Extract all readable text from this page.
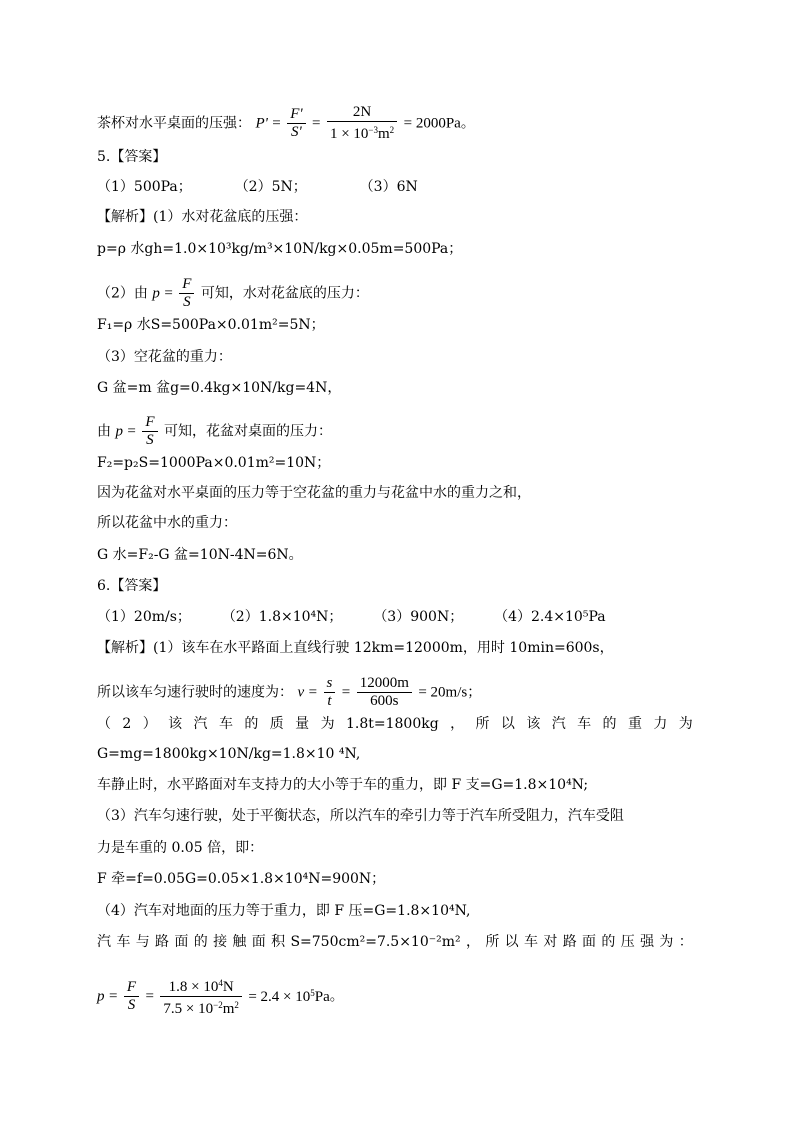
茶杯对水平桌面的压强： $P' = \frac{F'}{S'} = \frac{2N}{1 \times 10^{-3}m^2} = 2000Pa$。
5.【答案】
（1）500Pa；	（2）5N；	（3）6N
【解析】(1）水对花盆底的压强：
p=ρ 水gh=1.0×10³kg/m³×10N/kg×0.05m=500Pa；
（2）由 $p = \frac{F}{S}$ 可知，水对花盆底的压力：
F₁=ρ 水S=500Pa×0.01m²=5N；
（3）空花盆的重力：
G 盆=m 盆g=0.4kg×10N/kg=4N，
由 $p = \frac{F}{S}$ 可知，花盆对桌面的压力：
F₂=p₂S=1000Pa×0.01m²=10N；
因为花盆对水平桌面的压力等于空花盆的重力与花盆中水的重力之和，
所以花盆中水的重力：
G 水=F₂-G 盆=10N-4N=6N。
6.【答案】
（1）20m/s； （2）1.8×10⁴N； （3）900N； （4）2.4×10⁵Pa
【解析】(1）该车在水平路面上直线行驶 12km=12000m，用时 10min=600s，
所以该车匀速行驶时的速度为： $v = \frac{s}{t} = \frac{12000m}{600s} = 20m/s$；
（ 2 ） 该 汽 车 的 质 量 为 1.8t=1800kg ， 所 以 该 汽 车 的 重 力 为
G=mg=1800kg×10N/kg=1.8×10 ⁴N,
车静止时，水平路面对车支持力的大小等于车的重力，即 F 支=G=1.8×10⁴N;
（3）汽车匀速行驶，处于平衡状态，所以汽车的牵引力等于汽车所受阻力，汽车受阻
力是车重的 0.05 倍，即：
F 牵=f=0.05G=0.05×1.8×10⁴N=900N；
（4）汽车对地面的压力等于重力，即 F 压=G=1.8×10⁴N,
汽 车 与 路 面 的 接 触 面 积 S=750cm²=7.5×10⁻²m² ， 所 以 车 对 路 面 的 压 强 为 ：
$p = \frac{F}{S} = \frac{1.8 \times 10^4N}{7.5 \times 10^{-2}m^2} = 2.4 \times 10^5Pa$。
